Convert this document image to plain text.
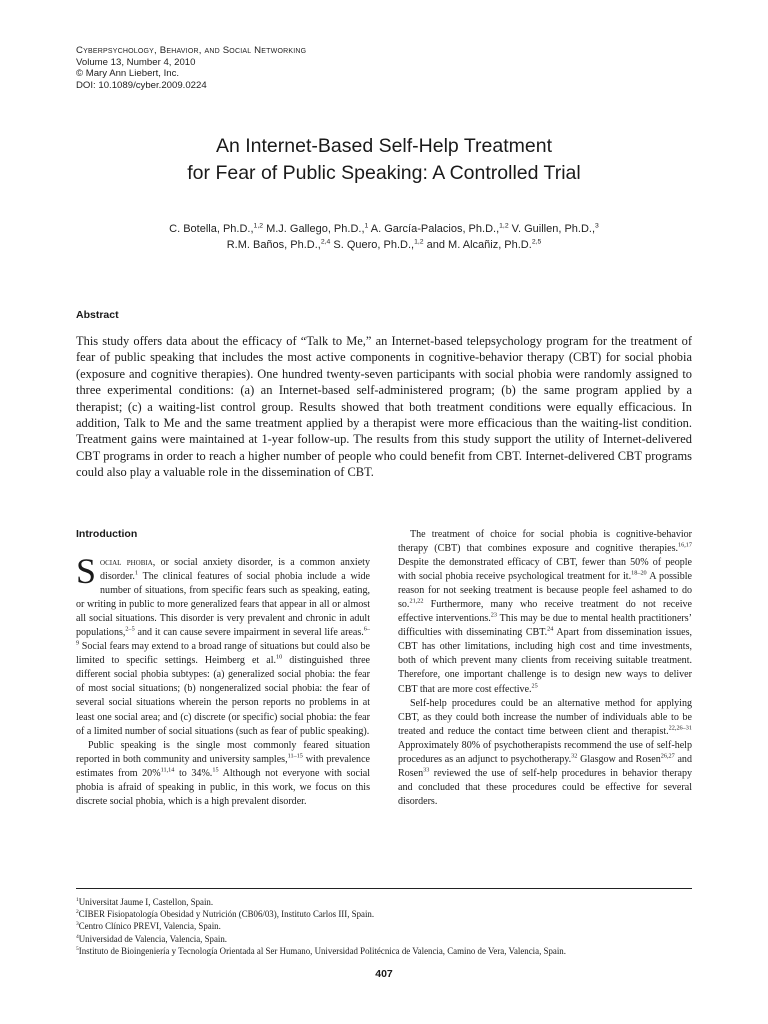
Cyberpsychology, Behavior, and Social Networking
Volume 13, Number 4, 2010
© Mary Ann Liebert, Inc.
DOI: 10.1089/cyber.2009.0224
An Internet-Based Self-Help Treatment
for Fear of Public Speaking: A Controlled Trial
C. Botella, Ph.D.,$^{1,2}$ M.J. Gallego, Ph.D.,$^1$ A. García-Palacios, Ph.D.,$^{1,2}$ V. Guillen, Ph.D.,$^3$
R.M. Baños, Ph.D.,$^{2,4}$ S. Quero, Ph.D.,$^{1,2}$ and M. Alcañiz, Ph.D.$^{2,5}$
Abstract
This study offers data about the efficacy of “Talk to Me,” an Internet-based telepsychology program for the treatment of fear of public speaking that includes the most active components in cognitive-behavior therapy (CBT) for social phobia (exposure and cognitive therapies). One hundred twenty-seven participants with social phobia were randomly assigned to three experimental conditions: (a) an Internet-based self-administered program; (b) the same program applied by a therapist; (c) a waiting-list control group. Results showed that both treatment conditions were equally efficacious. In addition, Talk to Me and the same treatment applied by a therapist were more efficacious than the waiting-list condition. Treatment gains were maintained at 1-year follow-up. The results from this study support the utility of Internet-delivered CBT programs in order to reach a higher number of people who could benefit from CBT. Internet-delivered CBT programs could also play a valuable role in the dissemination of CBT.
Introduction

Social phobia, or social anxiety disorder, is a common anxiety disorder.$^1$ The clinical features of social phobia include a wide number of situations, from specific fears such as speaking, eating, or writing in public to more generalized fears that appear in all or almost all social situations. This disorder is very prevalent and chronic in adult populations,$^{2-5}$ and it can cause severe impairment in several life areas.$^{6-9}$ Social fears may extend to a broad range of situations but could also be limited to specific settings. Heimberg et al.$^{10}$ distinguished three different social phobia subtypes: (a) generalized social phobia: the fear of most social situations; (b) nongeneralized social phobia: the fear of several social situations wherein the person reports no problems in at least one social area; and (c) discrete (or specific) social phobia: the fear of a limited number of social situations (such as fear of public speaking).

Public speaking is the single most commonly feared situation reported in both community and university samples,$^{11-15}$ with prevalence estimates from 20%$^{11,14}$ to 34%.$^{15}$ Although not everyone with social phobia is afraid of speaking in public, in this work, we focus on this discrete social phobia, which is a high prevalent disorder.

The treatment of choice for social phobia is cognitive-behavior therapy (CBT) that combines exposure and cognitive therapies.$^{16,17}$ Despite the demonstrated efficacy of CBT, fewer than 50% of people with social phobia receive psychological treatment for it.$^{18-20}$ A possible reason for not seeking treatment is because people feel ashamed to do so.$^{21,22}$ Furthermore, many who receive treatment do not receive effective interventions.$^{23}$ This may be due to mental health practitioners’ difficulties with disseminating CBT.$^{24}$ Apart from dissemination issues, CBT has other limitations, including high cost and time investments, both of which prevent many clients from receiving suitable treatment. Therefore, one important challenge is to design new ways to deliver CBT that are more cost effective.$^{25}$

Self-help procedures could be an alternative method for applying CBT, as they could both increase the number of individuals able to be treated and reduce the contact time between client and therapist.$^{22,26-31}$ Approximately 80% of psychotherapists recommend the use of self-help procedures as an adjunct to psychotherapy.$^{32}$ Glasgow and Rosen$^{26,27}$ and Rosen$^{33}$ reviewed the use of self-help procedures in behavior therapy and concluded that these procedures could be effective for several disorders.

$^1$Universitat Jaume I, Castellon, Spain.
$^2$CIBER Fisiopatología Obesidad y Nutrición (CB06/03), Instituto Carlos III, Spain.
$^3$Centro Clínico PREVI, Valencia, Spain.
$^4$Universidad de Valencia, Valencia, Spain.
$^5$Instituto de Bioingeniería y Tecnología Orientada al Ser Humano, Universidad Politécnica de Valencia, Camino de Vera, Valencia, Spain.
407
